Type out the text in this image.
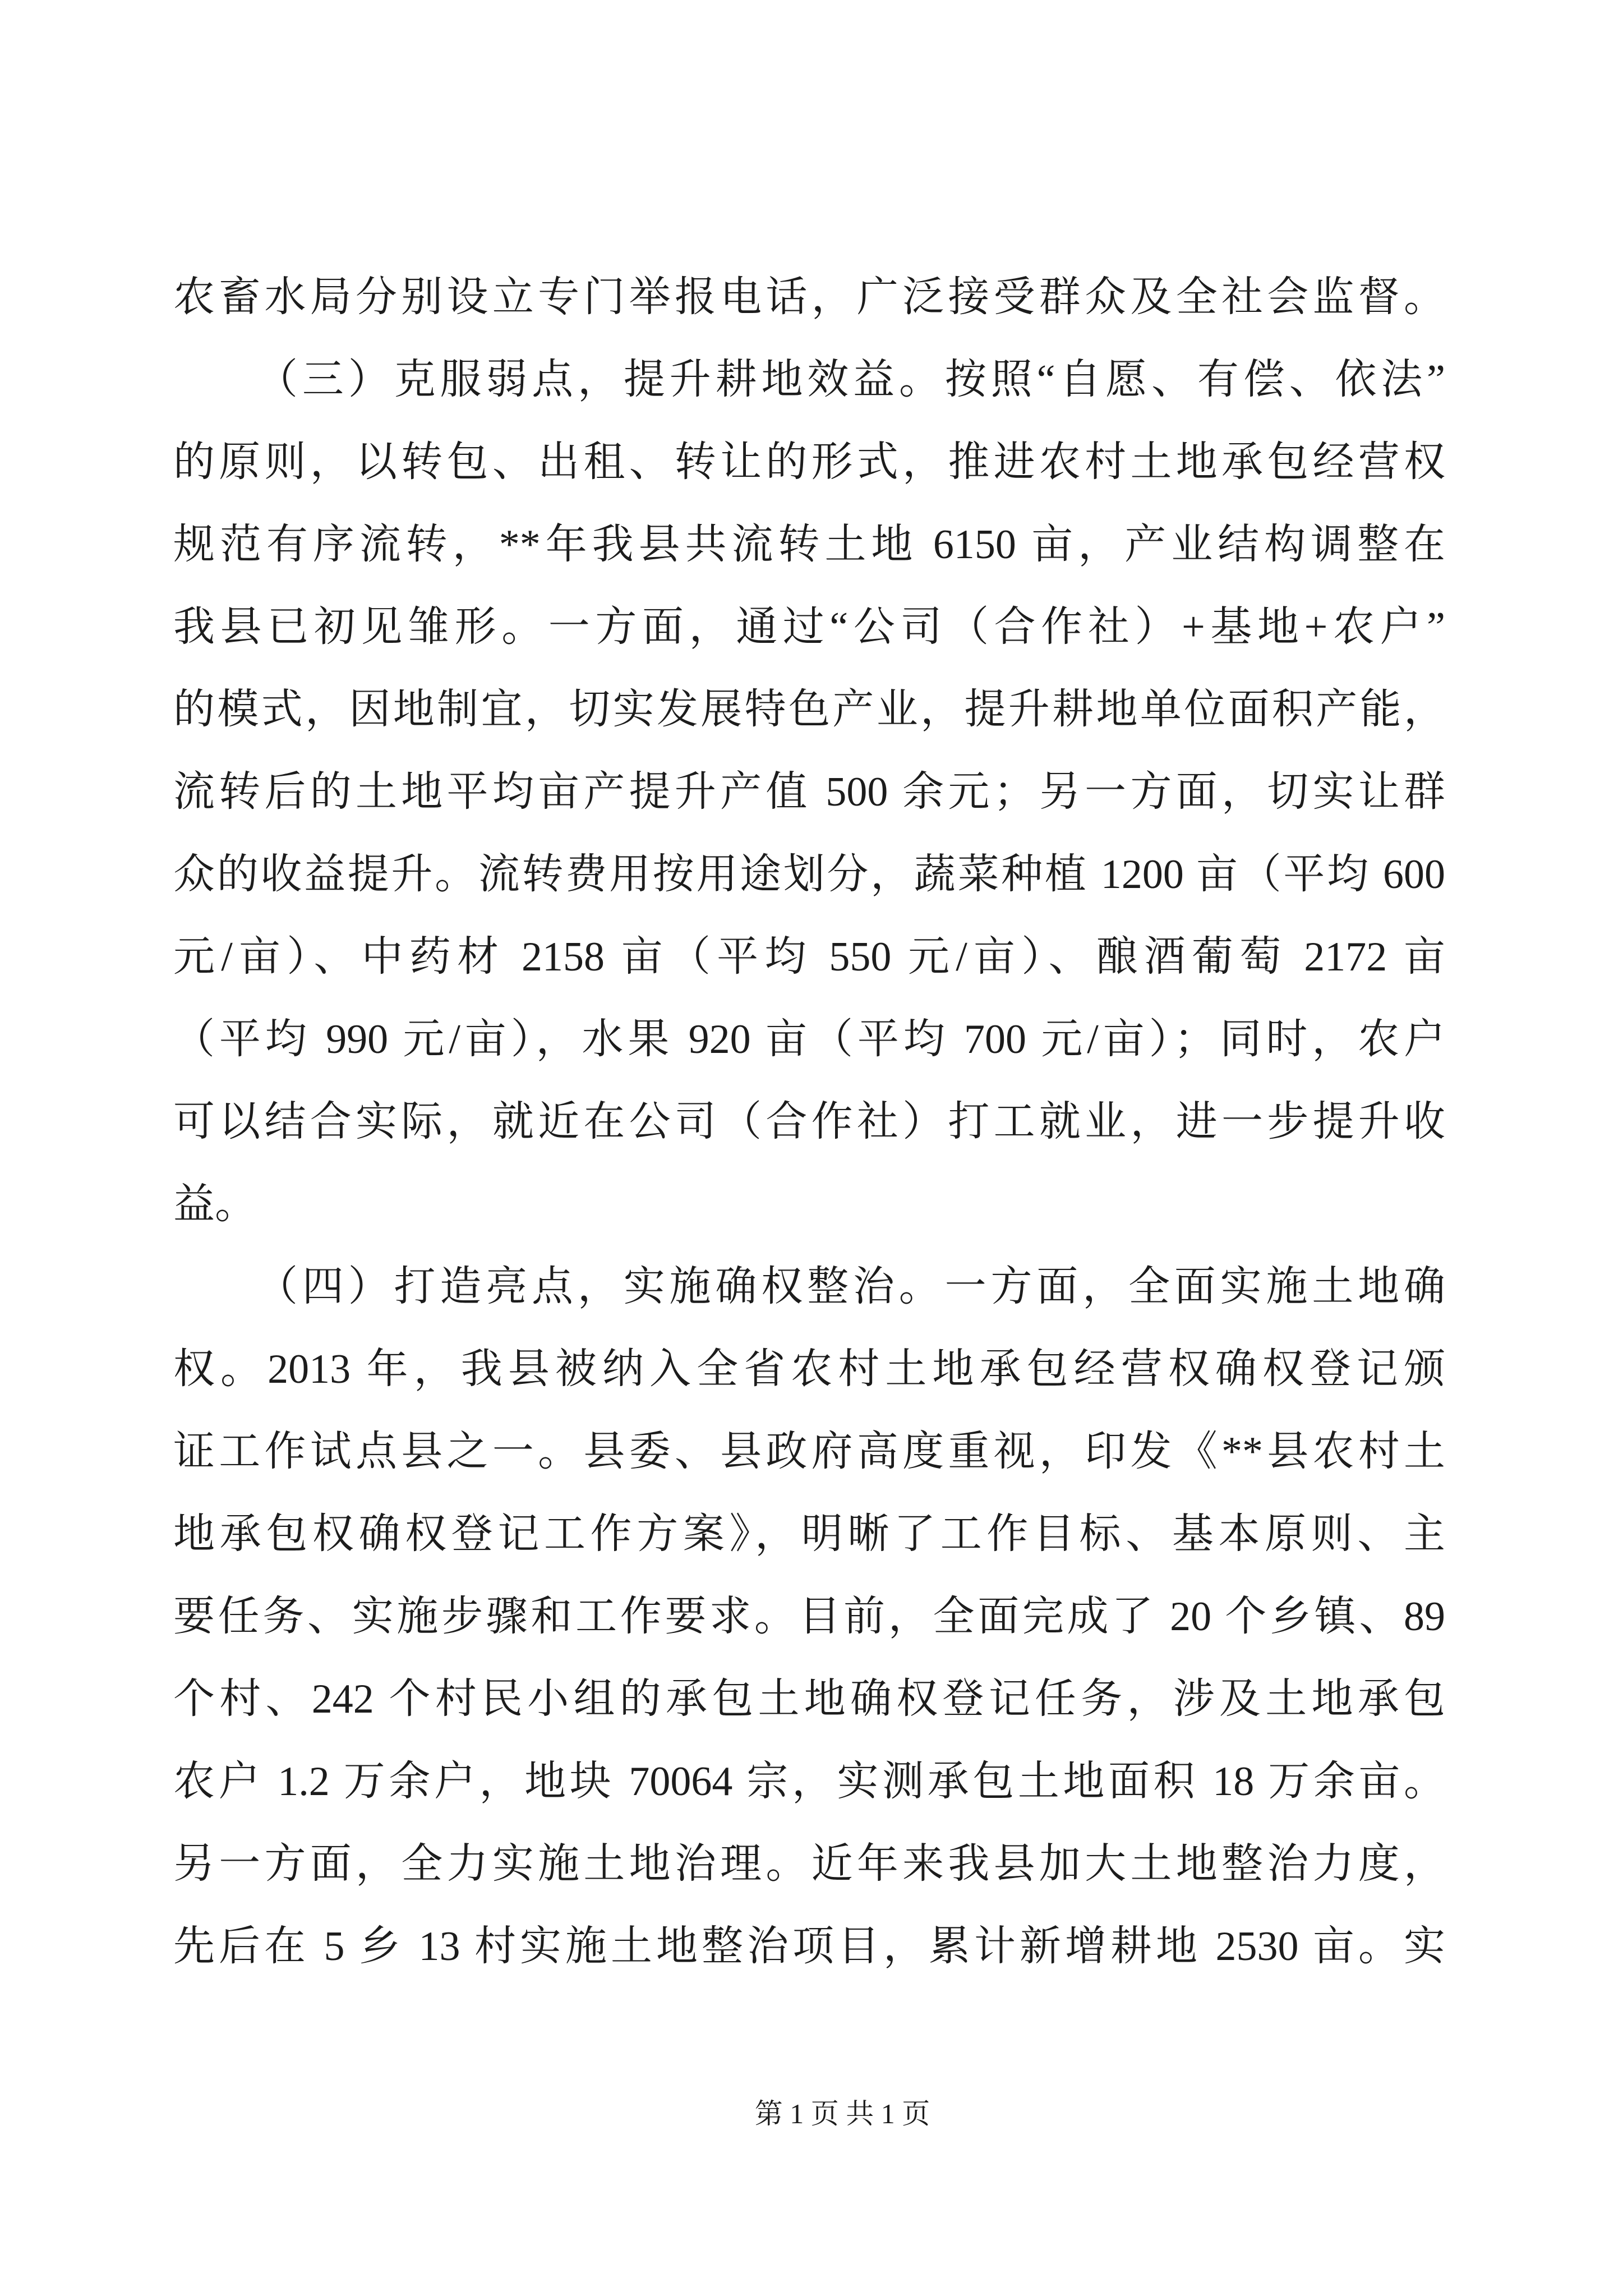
农畜水局分别设立专门举报电话，广泛接受群众及全社会监督。
（三）克服弱点，提升耕地效益。按照“自愿、有偿、依法”
的原则，以转包、出租、转让的形式，推进农村土地承包经营权
规范有序流转，**年我县共流转土地 6150 亩，产业结构调整在
我县已初见雏形。一方面，通过“公司（合作社）+基地+农户”
的模式，因地制宜，切实发展特色产业，提升耕地单位面积产能，
流转后的土地平均亩产提升产值 500 余元；另一方面，切实让群
众的收益提升。流转费用按用途划分，蔬菜种植 1200 亩（平均 600
元/亩）、中药材 2158 亩（平均 550 元/亩）、酿酒葡萄 2172 亩
（平均 990 元/亩），水果 920 亩（平均 700 元/亩）；同时，农户
可以结合实际，就近在公司（合作社）打工就业，进一步提升收
益。
（四）打造亮点，实施确权整治。一方面，全面实施土地确
权。2013 年，我县被纳入全省农村土地承包经营权确权登记颁
证工作试点县之一。县委、县政府高度重视，印发《**县农村土
地承包权确权登记工作方案》，明晰了工作目标、基本原则、主
要任务、实施步骤和工作要求。目前，全面完成了 20 个乡镇、89
个村、242 个村民小组的承包土地确权登记任务，涉及土地承包
农户 1.2 万余户，地块 70064 宗，实测承包土地面积 18 万余亩。
另一方面，全力实施土地治理。近年来我县加大土地整治力度，
先后在 5 乡 13 村实施土地整治项目，累计新增耕地 2530 亩。实
第 1 页 共 1 页
